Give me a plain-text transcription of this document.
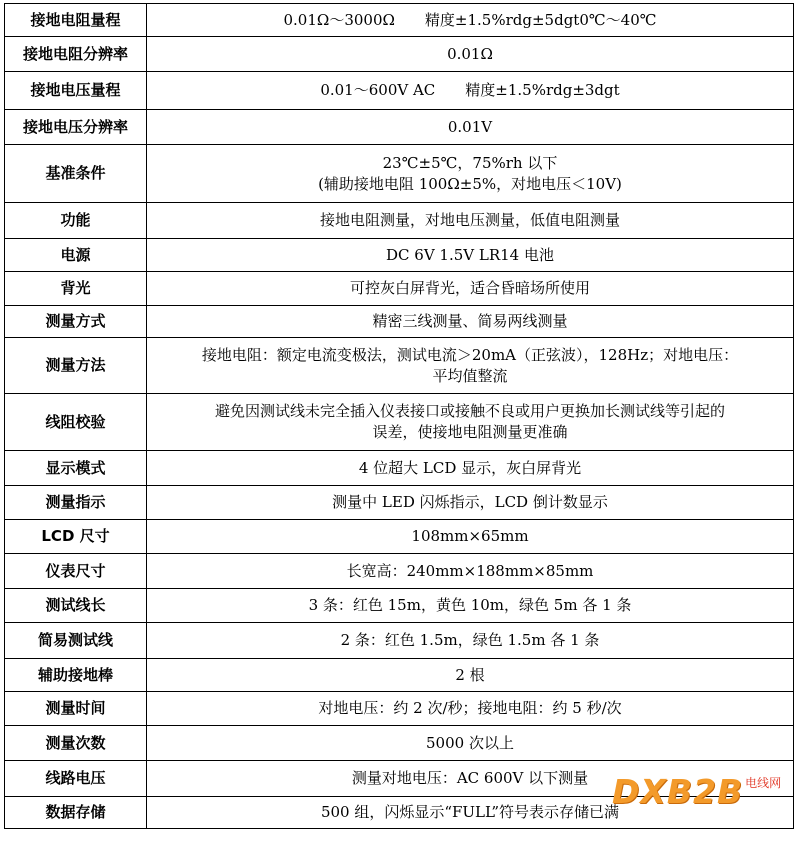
接地电阻量程	0.01Ω～3000Ω　　精度±1.5%rdg±5dgt0℃～40℃
接地电阻分辨率	0.01Ω
接地电压量程	0.01～600V AC　　精度±1.5%rdg±3dgt
接地电压分辨率	0.01V
基准条件	23℃±5℃，75%rh 以下
(辅助接地电阻 100Ω±5%，对地电压＜10V)

功能	接地电阻测量，对地电压测量，低值电阻测量
电源	DC 6V 1.5V LR14 电池
背光	可控灰白屏背光，适合昏暗场所使用
测量方式	精密三线测量、简易两线测量
测量方法	接地电阻：额定电流变极法，测试电流＞20mA（正弦波），128Hz；对地电压：
平均值整流

线阻校验	避免因测试线未完全插入仪表接口或接触不良或用户更换加长测试线等引起的
误差，使接地电阻测量更准确

显示模式	4 位超大 LCD 显示，灰白屏背光
测量指示	测量中 LED 闪烁指示，LCD 倒计数显示
LCD 尺寸	108mm×65mm
仪表尺寸	长宽高：240mm×188mm×85mm
测试线长	3 条：红色 15m，黄色 10m，绿色 5m 各 1 条
简易测试线	2 条：红色 1.5m，绿色 1.5m 各 1 条
辅助接地棒	2 根
测量时间	对地电压：约 2 次/秒；接地电阻：约 5 秒/次
测量次数	5000 次以上
线路电压	测量对地电压：AC 600V 以下测量
数据存储	500 组，闪烁显示“FULL”符号表示存储已满
DXB2B 电线网
